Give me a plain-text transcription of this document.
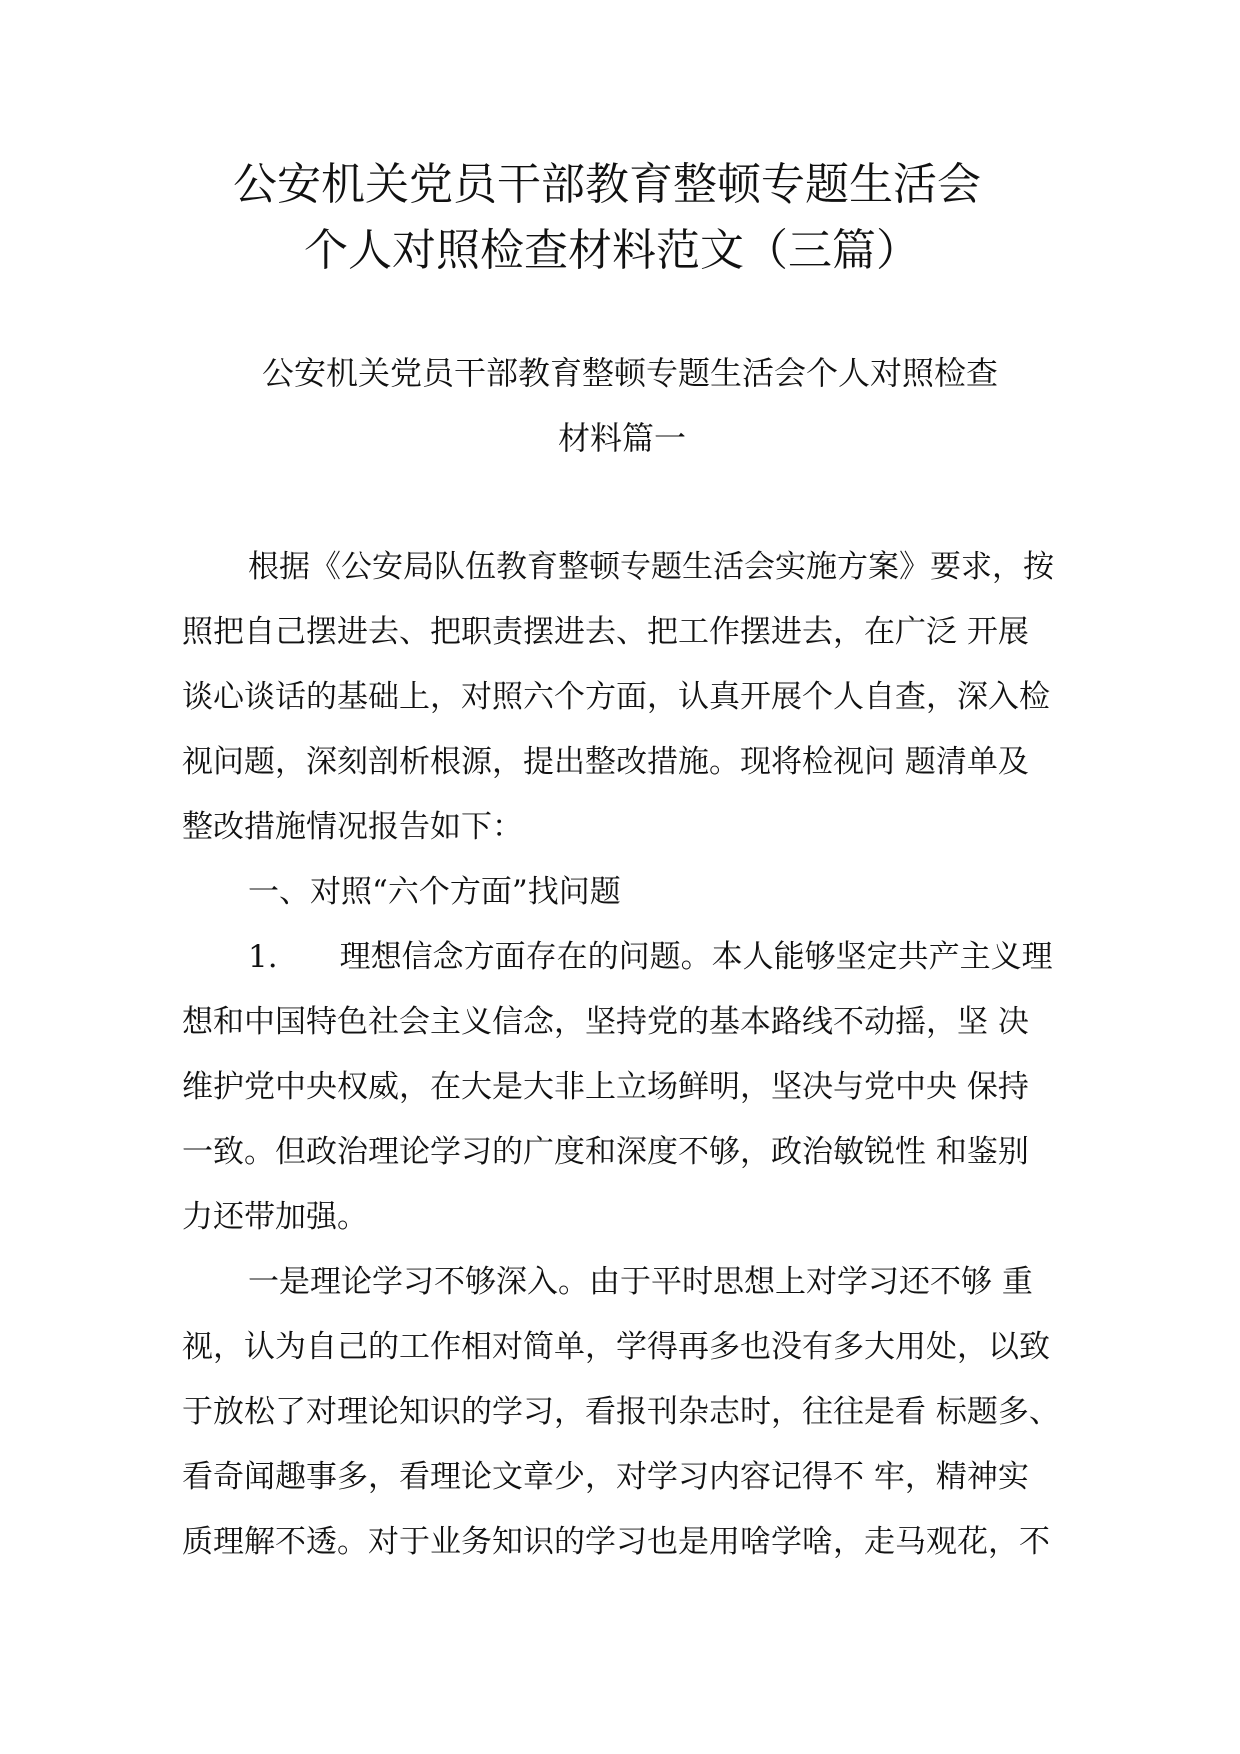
公安机关党员干部教育整顿专题生活会
个人对照检查材料范文（三篇）
公安机关党员干部教育整顿专题生活会个人对照检查
材料篇一
根据《公安局队伍教育整顿专题生活会实施方案》要求，按
照把自己摆进去、把职责摆进去、把工作摆进去，在广泛 开展
谈心谈话的基础上，对照六个方面，认真开展个人自查，深入检
视问题，深刻剖析根源，提出整改措施。现将检视问 题清单及
整改措施情况报告如下：
一、对照“六个方面”找问题
1.　　理想信念方面存在的问题。本人能够坚定共产主义理
想和中国特色社会主义信念，坚持党的基本路线不动摇，坚 决
维护党中央权威，在大是大非上立场鲜明，坚决与党中央 保持
一致。但政治理论学习的广度和深度不够，政治敏锐性 和鉴别
力还带加强。
一是理论学习不够深入。由于平时思想上对学习还不够 重
视，认为自己的工作相对简单，学得再多也没有多大用处，以致
于放松了对理论知识的学习，看报刊杂志时，往往是看 标题多、
看奇闻趣事多，看理论文章少，对学习内容记得不 牢，精神实
质理解不透。对于业务知识的学习也是用啥学啥，走马观花，不
